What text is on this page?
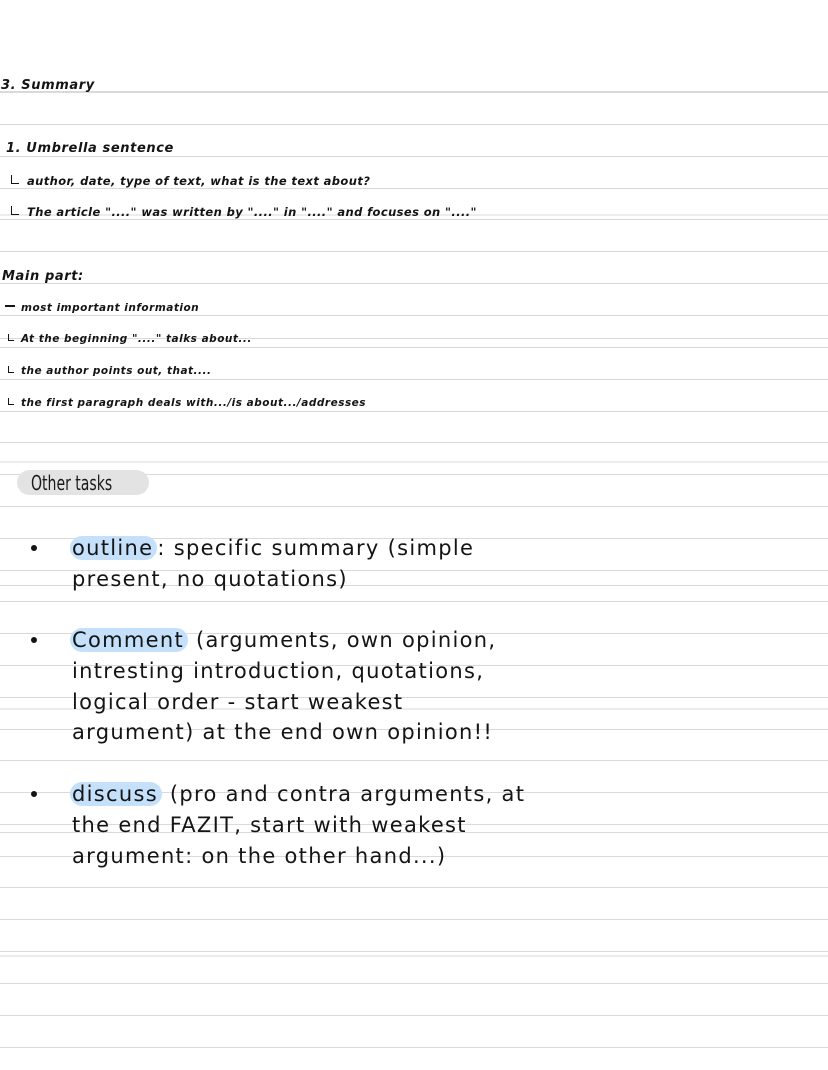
3. Summary
1. Umbrella sentence
author, date, type of text, what is the text about?
The article "...." was written by "...." in "...." and focuses on "...."
Main part:
most important information
At the beginning "...." talks about...
the author points out, that....
the first paragraph deals with.../is about.../addresses
Other tasks
outline : specific summary (simple present, no quotations)
Comment (arguments, own opinion, intresting introduction, quotations, logical order - start weakest argument) at the end own opinion!!
discuss (pro and contra arguments, at the end FAZIT, start with weakest argument: on the other hand...)
